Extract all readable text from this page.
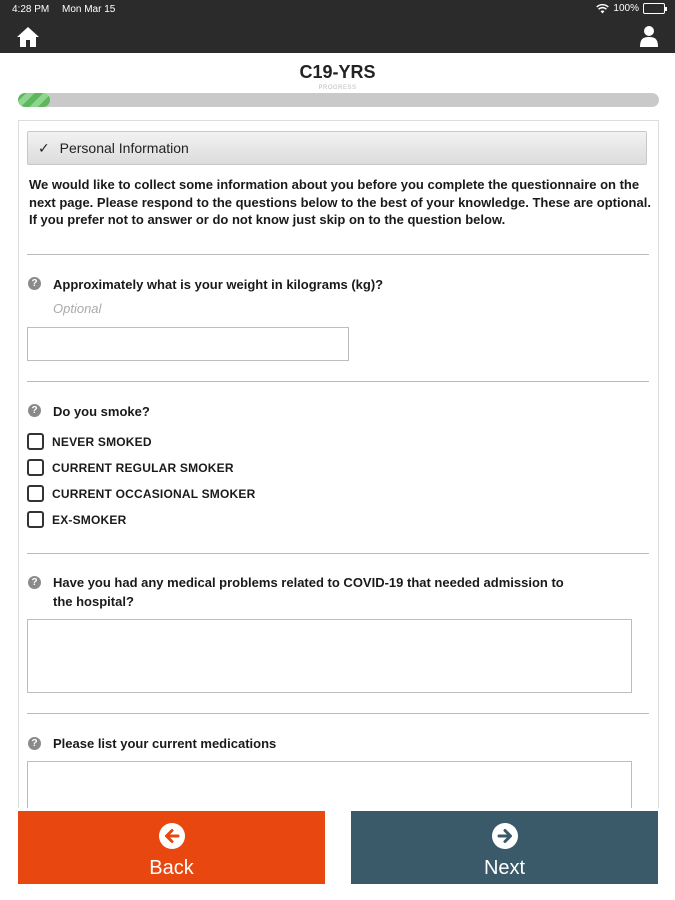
4:28 PM Mon Mar 15	100%
C19-YRS
PROGRESS
✓ Personal Information
We would like to collect some information about you before you complete the questionnaire on the next page. Please respond to the questions below to the best of your knowledge. These are optional. If you prefer not to answer or do not know just skip on to the question below.
? Approximately what is your weight in kilograms (kg)?
Optional
? Do you smoke?
NEVER SMOKED
CURRENT REGULAR SMOKER
CURRENT OCCASIONAL SMOKER
EX-SMOKER
? Have you had any medical problems related to COVID-19 that needed admission to the hospital?
? Please list your current medications
Back	Next
